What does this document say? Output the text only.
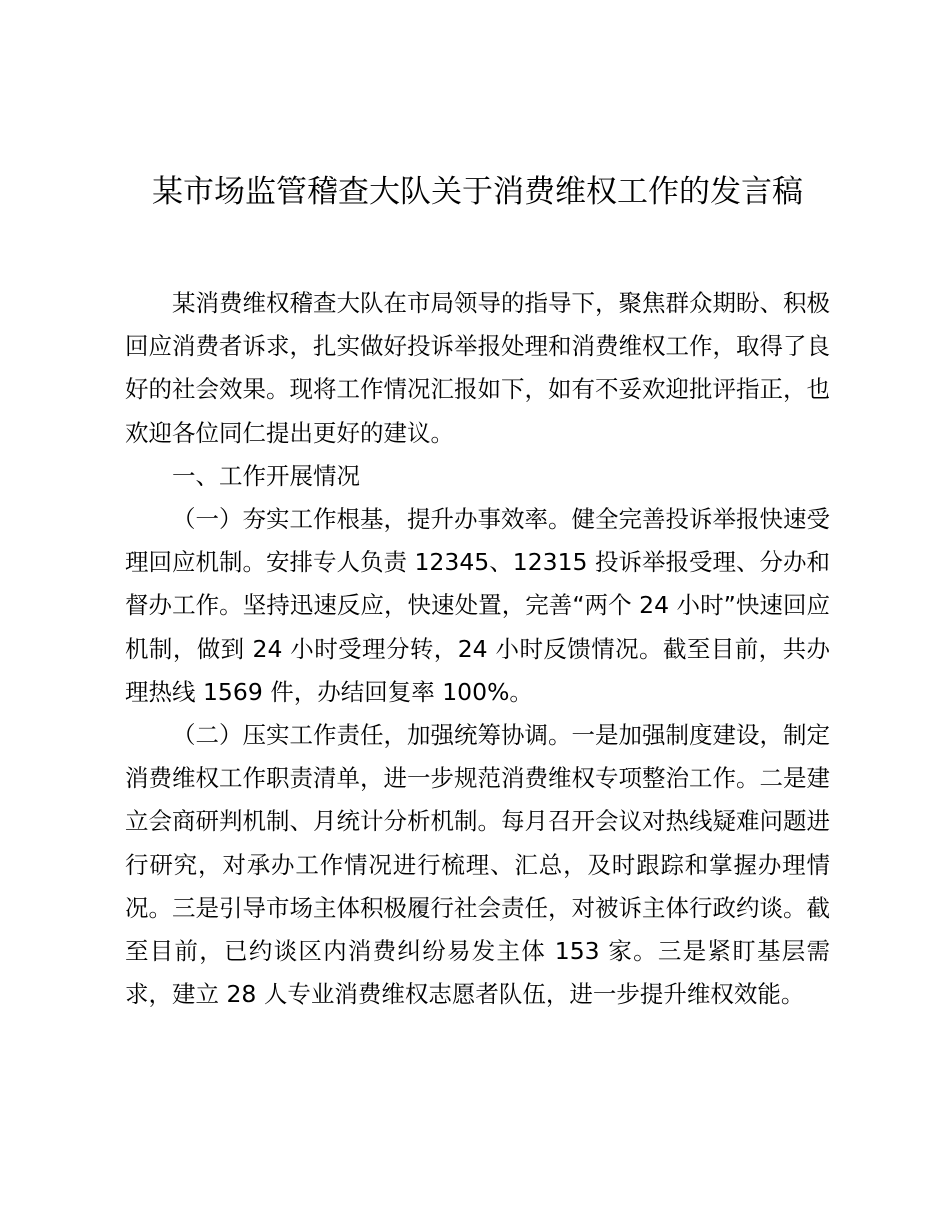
某市场监管稽查大队关于消费维权工作的发言稿

某消费维权稽查大队在市局领导的指导下，聚焦群众期盼、积极回应消费者诉求，扎实做好投诉举报处理和消费维权工作，取得了良好的社会效果。现将工作情况汇报如下，如有不妥欢迎批评指正，也欢迎各位同仁提出更好的建议。

一、工作开展情况

（一）夯实工作根基，提升办事效率。健全完善投诉举报快速受理回应机制。安排专人负责 12345、12315 投诉举报受理、分办和督办工作。坚持迅速反应，快速处置，完善“两个 24 小时”快速回应机制，做到 24 小时受理分转，24 小时反馈情况。截至目前，共办理热线 1569 件，办结回复率 100%。

（二）压实工作责任，加强统筹协调。一是加强制度建设，制定消费维权工作职责清单，进一步规范消费维权专项整治工作。二是建立会商研判机制、月统计分析机制。每月召开会议对热线疑难问题进行研究，对承办工作情况进行梳理、汇总，及时跟踪和掌握办理情况。三是引导市场主体积极履行社会责任，对被诉主体行政约谈。截至目前，已约谈区内消费纠纷易发主体 153 家。三是紧盯基层需求，建立 28 人专业消费维权志愿者队伍，进一步提升维权效能。
